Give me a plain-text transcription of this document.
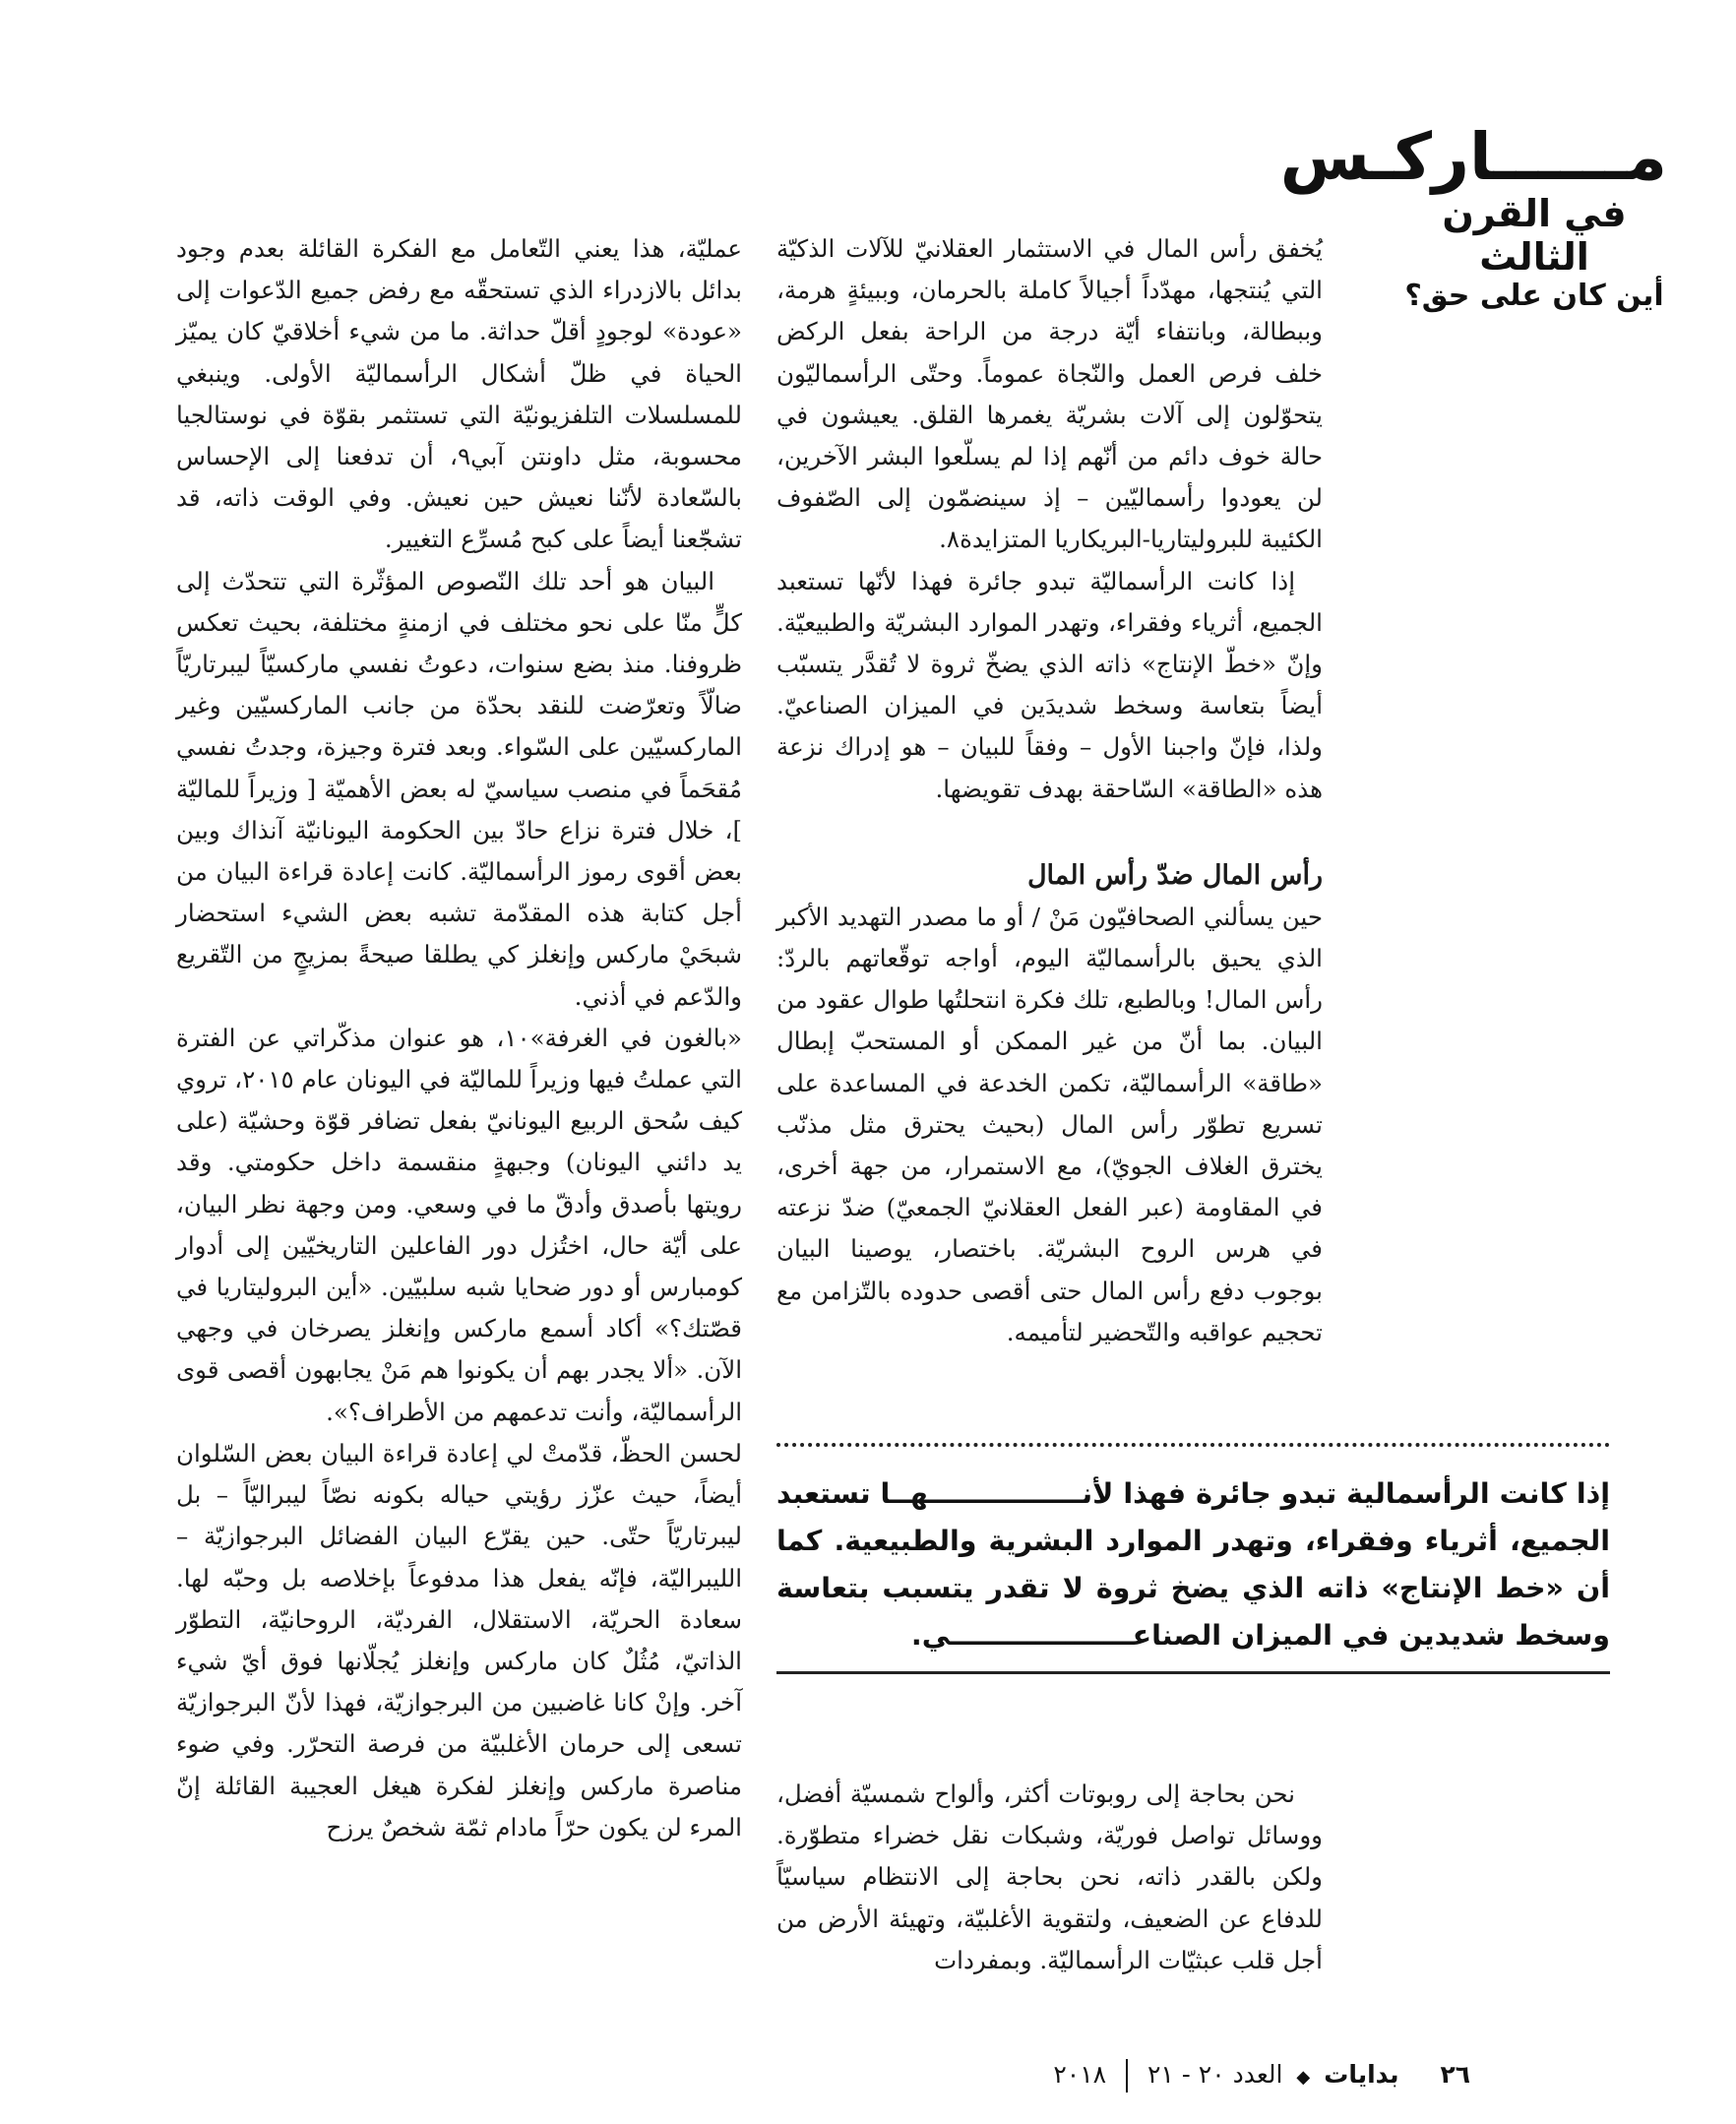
مــــــاركـس
في القرن الثالث
أين كان على حق؟

يُخفق رأس المال في الاستثمار العقلانيّ للآلات الذكيّة التي يُنتجها، مهدّداً أجيالاً كاملة بالحرمان، وببيئةٍ هرمة، وببطالة، وبانتفاء أيّة درجة من الراحة بفعل الركض خلف فرص العمل والنّجاة عموماً. وحتّى الرأسماليّون يتحوّلون إلى آلات بشريّة يغمرها القلق. يعيشون في حالة خوف دائم من أنّهم إذا لم يسلّعوا البشر الآخرين، لن يعودوا رأسماليّين – إذ سينضمّون إلى الصّفوف الكئيبة للبروليتاريا-البريكاريا المتزايدة٨.

إذا كانت الرأسماليّة تبدو جائرة فهذا لأنّها تستعبد الجميع، أثرياء وفقراء، وتهدر الموارد البشريّة والطبيعيّة. وإنّ «خطّ الإنتاج» ذاته الذي يضخّ ثروة لا تُقدَّر يتسبّب أيضاً بتعاسة وسخط شديدَين في الميزان الصناعيّ. ولذا، فإنّ واجبنا الأول – وفقاً للبيان – هو إدراك نزعة هذه «الطاقة» السّاحقة بهدف تقويضها.

رأس المال ضدّ رأس المال

حين يسألني الصحافيّون مَنْ / أو ما مصدر التهديد الأكبر الذي يحيق بالرأسماليّة اليوم، أواجه توقّعاتهم بالردّ: رأس المال! وبالطبع، تلك فكرة انتحلتُها طوال عقود من البيان. بما أنّ من غير الممكن أو المستحبّ إبطال «طاقة» الرأسماليّة، تكمن الخدعة في المساعدة على تسريع تطوّر رأس المال (بحيث يحترق مثل مذنّب يخترق الغلاف الجويّ)، مع الاستمرار، من جهة أخرى، في المقاومة (عبر الفعل العقلانيّ الجمعيّ) ضدّ نزعته في هرس الروح البشريّة. باختصار، يوصينا البيان بوجوب دفع رأس المال حتى أقصى حدوده بالتّزامن مع تحجيم عواقبه والتّحضير لتأميمه.

إذا كانت الرأسمالية تبدو جائرة فهذا لأنــــــــــــــــهــا تستعبد الجميع، أثرياء وفقراء، وتهدر الموارد البشرية والطبيعية. كما أن «خط الإنتاج» ذاته الذي يضخ ثروة لا تقدر يتسبب بتعاسة وسخط شديدين في الميزان الصناعـــــــــــــــــــي.

نحن بحاجة إلى روبوتات أكثر، وألواح شمسيّة أفضل، ووسائل تواصل فوريّة، وشبكات نقل خضراء متطوّرة. ولكن بالقدر ذاته، نحن بحاجة إلى الانتظام سياسيّاً للدفاع عن الضعيف، ولتقوية الأغلبيّة، وتهيئة الأرض من أجل قلب عبثيّات الرأسماليّة. وبمفردات

عمليّة، هذا يعني التّعامل مع الفكرة القائلة بعدم وجود بدائل بالازدراء الذي تستحقّه مع رفض جميع الدّعوات إلى «عودة» لوجودٍ أقلّ حداثة. ما من شيء أخلاقيّ كان يميّز الحياة في ظلّ أشكال الرأسماليّة الأولى. وينبغي للمسلسلات التلفزيونيّة التي تستثمر بقوّة في نوستالجيا محسوبة، مثل داونتن آبي٩، أن تدفعنا إلى الإحساس بالسّعادة لأنّنا نعيش حين نعيش. وفي الوقت ذاته، قد تشجّعنا أيضاً على كبح مُسرِّع التغيير.

البيان هو أحد تلك النّصوص المؤثّرة التي تتحدّث إلى كلٍّ منّا على نحو مختلف في ازمنةٍ مختلفة، بحيث تعكس ظروفنا. منذ بضع سنوات، دعوتُ نفسي ماركسيّاً ليبرتاريّاً ضالّاً وتعرّضت للنقد بحدّة من جانب الماركسيّين وغير الماركسيّين على السّواء. وبعد فترة وجيزة، وجدتُ نفسي مُقحَماً في منصب سياسيّ له بعض الأهميّة [ وزيراً للماليّة ]، خلال فترة نزاع حادّ بين الحكومة اليونانيّة آنذاك وبين بعض أقوى رموز الرأسماليّة. كانت إعادة قراءة البيان من أجل كتابة هذه المقدّمة تشبه بعض الشيء استحضار شبحَيْ ماركس وإنغلز كي يطلقا صيحةً بمزيجٍ من التّقريع والدّعم في أذني.

«بالغون في الغرفة»١٠، هو عنوان مذكّراتي عن الفترة التي عملتُ فيها وزيراً للماليّة في اليونان عام ٢٠١٥، تروي كيف سُحق الربيع اليونانيّ بفعل تضافر قوّة وحشيّة (على يد دائني اليونان) وجبهةٍ منقسمة داخل حكومتي. وقد رويتها بأصدق وأدقّ ما في وسعي. ومن وجهة نظر البيان، على أيّة حال، اختُزل دور الفاعلين التاريخيّين إلى أدوار كومبارس أو دور ضحايا شبه سلبيّين. «أين البروليتاريا في قصّتك؟» أكاد أسمع ماركس وإنغلز يصرخان في وجهي الآن. «ألا يجدر بهم أن يكونوا هم مَنْ يجابهون أقصى قوى الرأسماليّة، وأنت تدعمهم من الأطراف؟».

لحسن الحظّ، قدّمتْ لي إعادة قراءة البيان بعض السّلوان أيضاً، حيث عزّز رؤيتي حياله بكونه نصّاً ليبراليّاً – بل ليبرتاريّاً حتّى. حين يقرّع البيان الفضائل البرجوازيّة – الليبراليّة، فإنّه يفعل هذا مدفوعاً بإخلاصه بل وحبّه لها. سعادة الحريّة، الاستقلال، الفرديّة، الروحانيّة، التطوّر الذاتيّ، مُثُلٌ كان ماركس وإنغلز يُجلّانها فوق أيّ شيء آخر. وإنْ كانا غاضبين من البرجوازيّة، فهذا لأنّ البرجوازيّة تسعى إلى حرمان الأغلبيّة من فرصة التحرّر. وفي ضوء مناصرة ماركس وإنغلز لفكرة هيغل العجيبة القائلة إنّ المرء لن يكون حرّاً مادام ثمّة شخصٌ يرزح

٢٦ بدايات ◆ العدد ٢٠ - ٢١  ٢٠١٨
